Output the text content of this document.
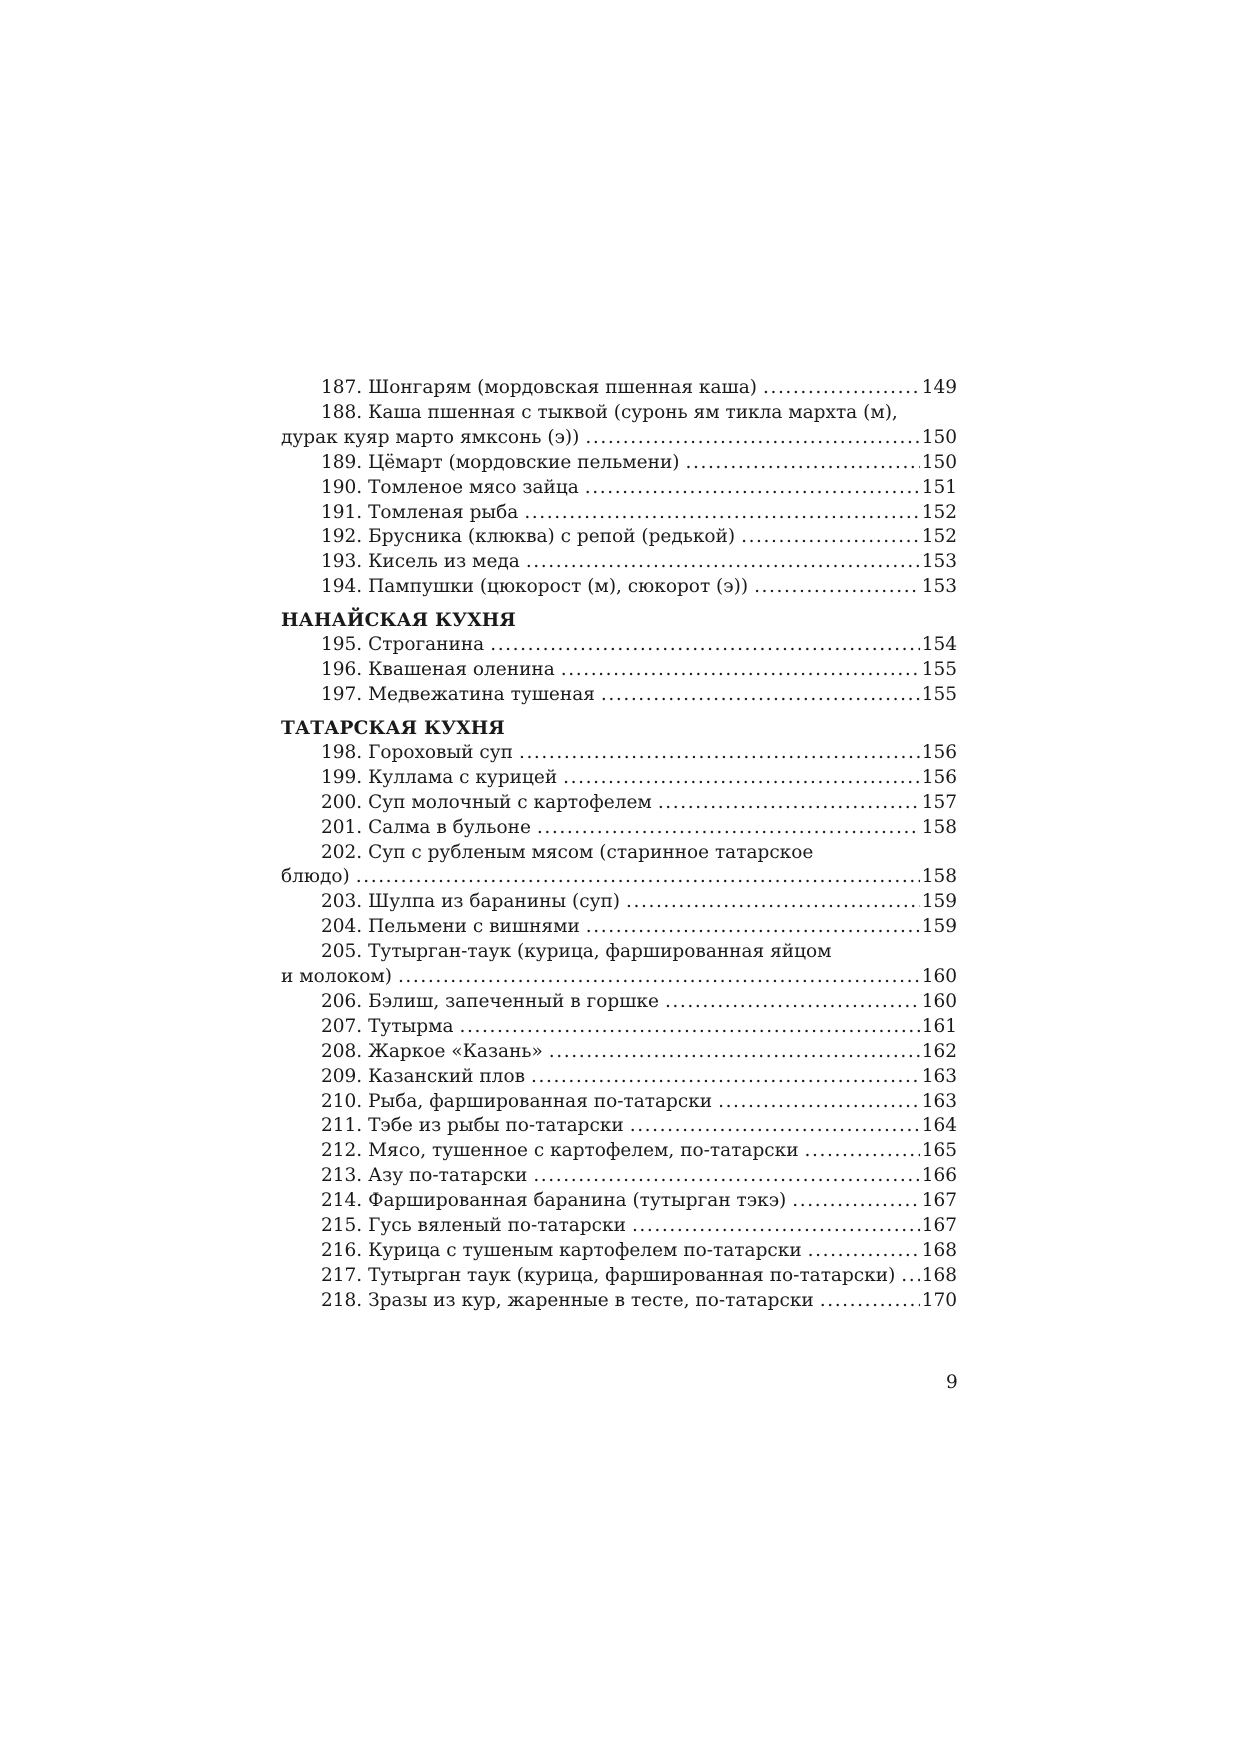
187. Шонгарям (мордовская пшенная каша) .....	149
188. Каша пшенная с тыквой (суронь ям тикла мархта (м),
дурак куяр марто ямксонь (э)) .....	150
189. Цёмарт (мордовские пельмени) .....	150
190. Томленое мясо зайца .....	151
191. Томленая рыба .....	152
192. Брусника (клюква) с репой (редькой) .....	152
193. Кисель из меда .....	153
194. Пампушки (цюкорост (м), сюкорот (э)) .....	153
НАНАЙСКАЯ КУХНЯ
195. Строганина .....	154
196. Квашеная оленина .....	155
197. Медвежатина тушеная .....	155
ТАТАРСКАЯ КУХНЯ
198. Гороховый суп .....	156
199. Куллама с курицей .....	156
200. Суп молочный с картофелем .....	157
201. Салма в бульоне .....	158
202. Суп с рубленым мясом (старинное татарское
блюдо) .....	158
203. Шулпа из баранины (суп) .....	159
204. Пельмени с вишнями .....	159
205. Тутырган-таук (курица, фаршированная яйцом
и молоком) .....	160
206. Бэлиш, запеченный в горшке .....	160
207. Тутырма .....	161
208. Жаркое «Казань» .....	162
209. Казанский плов .....	163
210. Рыба, фаршированная по-татарски .....	163
211. Тэбе из рыбы по-татарски .....	164
212. Мясо, тушенное с картофелем, по-татарски .....	165
213. Азу по-татарски .....	166
214. Фаршированная баранина (тутырган тэкэ) .....	167
215. Гусь вяленый по-татарски .....	167
216. Курица с тушеным картофелем по-татарски .....	168
217. Тутырган таук (курица, фаршированная по-татарски) ..... 168
218. Зразы из кур, жаренные в тесте, по-татарски .....	170
9
